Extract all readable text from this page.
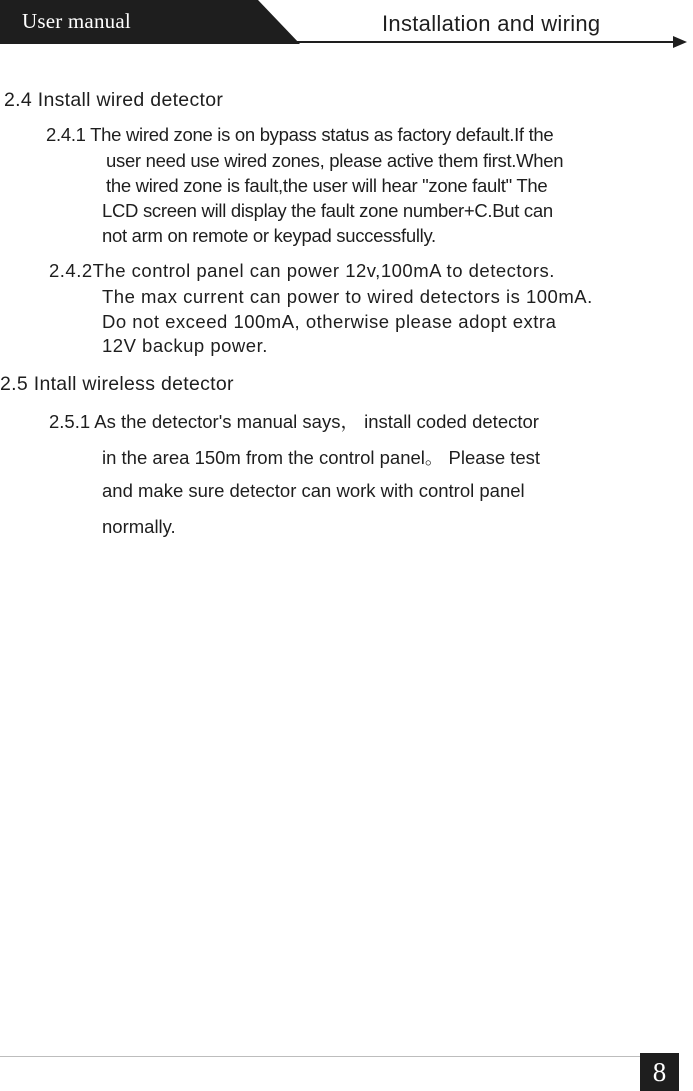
User manual	Installation and wiring
2.4 Install wired detector
2.4.1 The wired zone is on bypass status as factory default.If the
user need use wired zones, please active them first.When
the wired zone is fault,the user will hear "zone fault" The
LCD screen will display the fault zone number+С.But can
not arm on remote or keypad successfully.
2.4.2The control panel can power 12v,100mA to detectors.
The max current can power to wired detectors is 100mA.
Do not exceed 100mA, otherwise please adopt extra
12V backup power.
2.5 Intall wireless detector
2.5.1 As the detector's manual says， install coded detector
in the area 150m from the control panel。 Please test
and make sure detector can work with control panel
normally.
8
